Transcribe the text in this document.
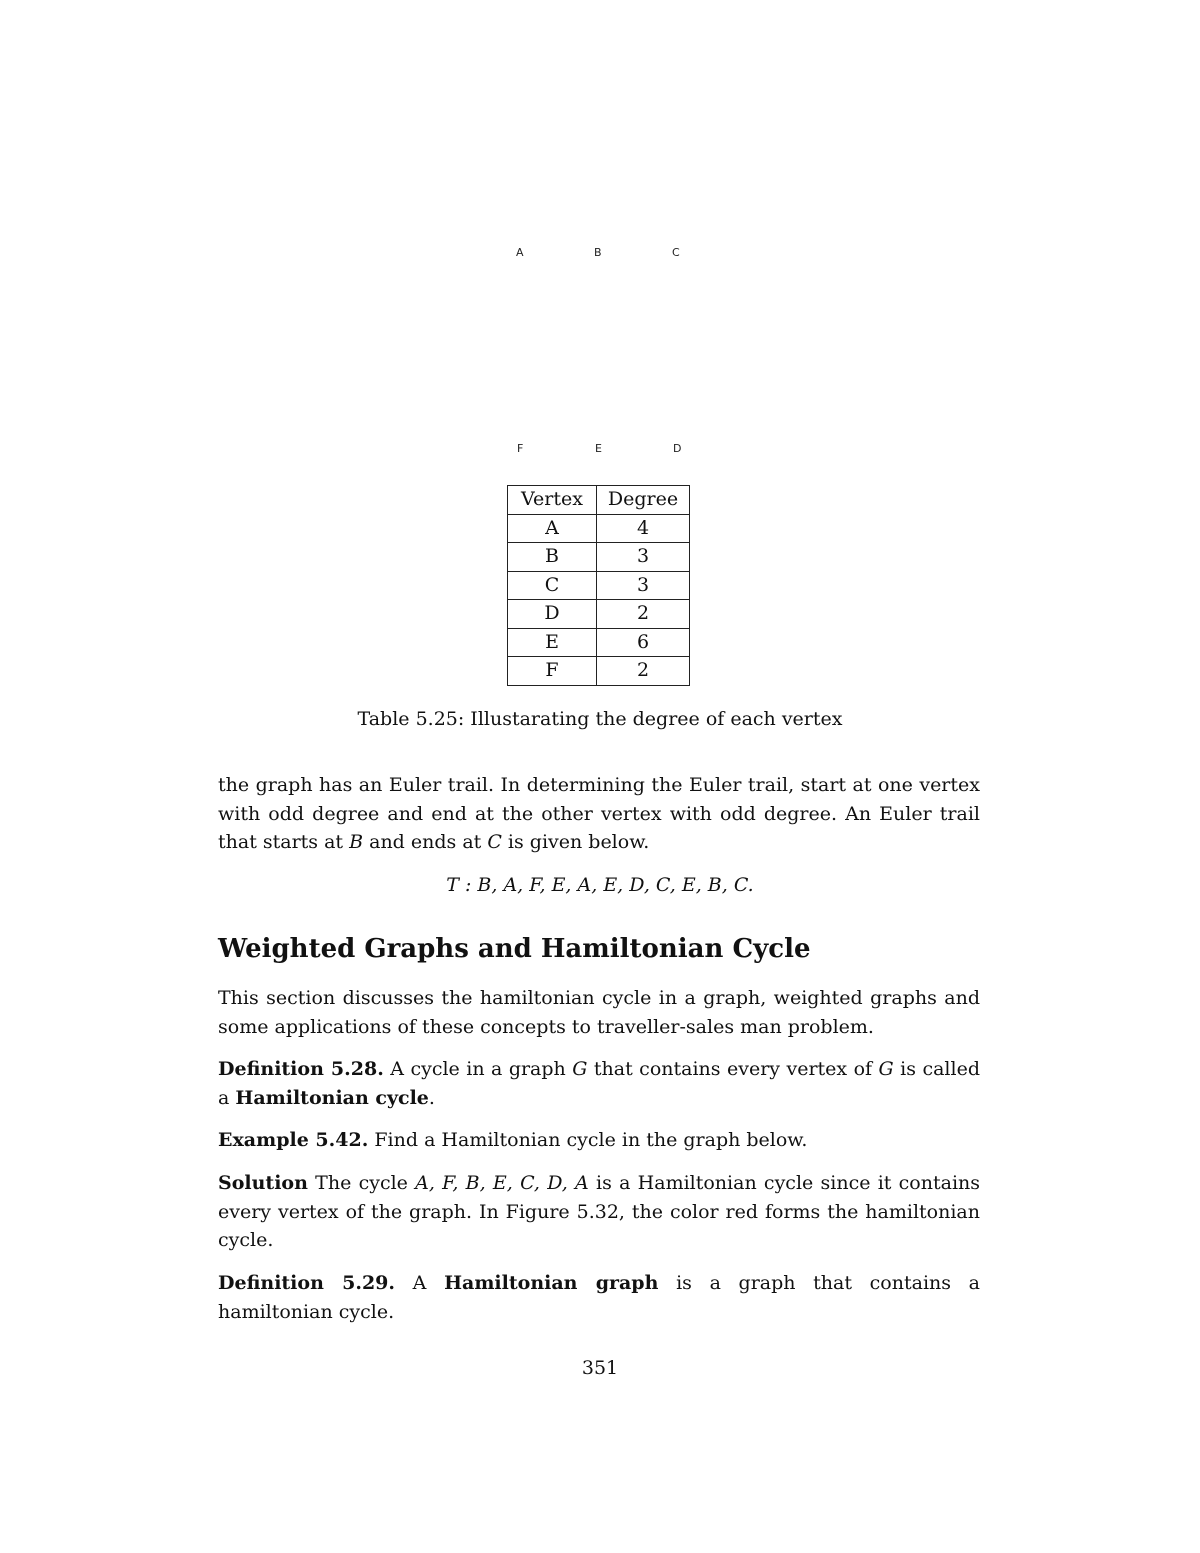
A	B	C
D
E
F
Vertex	Degree
A	4
B	3
C	3
D	2
E	6
F	2
Table 5.25: Illustarating the degree of each vertex
the graph has an Euler trail. In determining the Euler trail, start at one vertex with odd degree and end at the other vertex with odd degree. An Euler trail that starts at B and ends at C is given below.
T : B, A, F, E, A, E, D, C, E, B, C.
Weighted Graphs and Hamiltonian Cycle
This section discusses the hamiltonian cycle in a graph, weighted graphs and some applications of these concepts to traveller-sales man problem.
Definition 5.28. A cycle in a graph G that contains every vertex of G is called a Hamiltonian cycle.
Example 5.42. Find a Hamiltonian cycle in the graph below.
Solution The cycle A, F, B, E, C, D, A is a Hamiltonian cycle since it contains every vertex of the graph. In Figure 5.32, the color red forms the hamiltonian cycle.
Definition 5.29. A Hamiltonian graph is a graph that contains a hamiltonian cycle.
351
